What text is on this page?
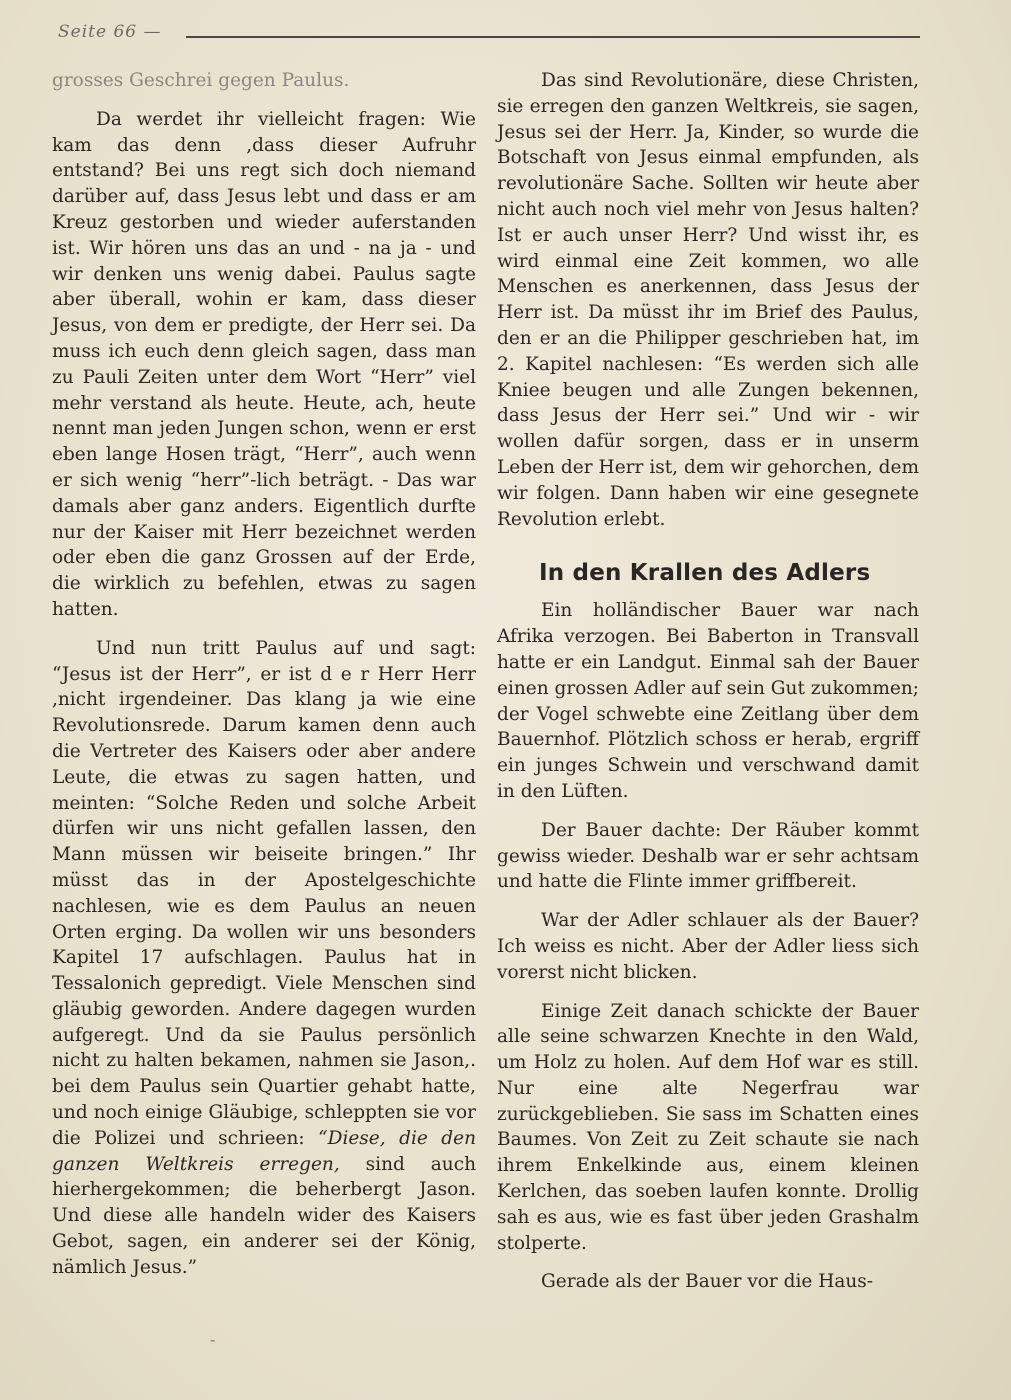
Seite 66 —

grosses Geschrei gegen Paulus.

Da werdet ihr vielleicht fragen: Wie kam das denn ,dass dieser Aufruhr entstand? Bei uns regt sich doch niemand darüber auf, dass Jesus lebt und dass er am Kreuz gestorben und wieder auferstanden ist. Wir hören uns das an und - na ja - und wir denken uns wenig dabei. Paulus sagte aber überall, wohin er kam, dass dieser Jesus, von dem er predigte, der Herr sei. Da muss ich euch denn gleich sagen, dass man zu Pauli Zeiten unter dem Wort “Herr” viel mehr verstand als heute. Heute, ach, heute nennt man jeden Jungen schon, wenn er erst eben lange Hosen trägt, “Herr”, auch wenn er sich wenig “herr”-lich beträgt. - Das war damals aber ganz anders. Eigentlich durfte nur der Kaiser mit Herr bezeichnet werden oder eben die ganz Grossen auf der Erde, die wirklich zu befehlen, etwas zu sagen hatten.

Und nun tritt Paulus auf und sagt: “Jesus ist der Herr”, er ist d e r Herr Herr ,nicht irgendeiner. Das klang ja wie eine Revolutionsrede. Darum kamen denn auch die Vertreter des Kaisers oder aber andere Leute, die etwas zu sagen hatten, und meinten: “Solche Reden und solche Arbeit dürfen wir uns nicht gefallen lassen, den Mann müssen wir beiseite bringen.” Ihr müsst das in der Apostelgeschichte nachlesen, wie es dem Paulus an neuen Orten erging. Da wollen wir uns besonders Kapitel 17 aufschlagen. Paulus hat in Tessalonich gepredigt. Viele Menschen sind gläubig geworden. Andere dagegen wurden aufgeregt. Und da sie Paulus persönlich nicht zu halten bekamen, nahmen sie Jason,. bei dem Paulus sein Quartier gehabt hatte, und noch einige Gläubige, schleppten sie vor die Polizei und schrieen: “Diese, die den ganzen Weltkreis erregen, sind auch hierhergekommen; die beherbergt Jason. Und diese alle handeln wider des Kaisers Gebot, sagen, ein anderer sei der König, nämlich Jesus.”

Das sind Revolutionäre, diese Christen, sie erregen den ganzen Weltkreis, sie sagen, Jesus sei der Herr. Ja, Kinder, so wurde die Botschaft von Jesus einmal empfunden, als revolutionäre Sache. Sollten wir heute aber nicht auch noch viel mehr von Jesus halten? Ist er auch unser Herr? Und wisst ihr, es wird einmal eine Zeit kommen, wo alle Menschen es anerkennen, dass Jesus der Herr ist. Da müsst ihr im Brief des Paulus, den er an die Philipper geschrieben hat, im 2. Kapitel nachlesen: “Es werden sich alle Kniee beugen und alle Zungen bekennen, dass Jesus der Herr sei.” Und wir - wir wollen dafür sorgen, dass er in unserm Leben der Herr ist, dem wir gehorchen, dem wir folgen. Dann haben wir eine gesegnete Revolution erlebt.

In den Krallen des Adlers

Ein holländischer Bauer war nach Afrika verzogen. Bei Baberton in Transvall hatte er ein Landgut. Einmal sah der Bauer einen grossen Adler auf sein Gut zukommen; der Vogel schwebte eine Zeitlang über dem Bauernhof. Plötzlich schoss er herab, ergriff ein junges Schwein und verschwand damit in den Lüften.

Der Bauer dachte: Der Räuber kommt gewiss wieder. Deshalb war er sehr achtsam und hatte die Flinte immer griffbereit.

War der Adler schlauer als der Bauer? Ich weiss es nicht. Aber der Adler liess sich vorerst nicht blicken.

Einige Zeit danach schickte der Bauer alle seine schwarzen Knechte in den Wald, um Holz zu holen. Auf dem Hof war es still. Nur eine alte Negerfrau war zurückgeblieben. Sie sass im Schatten eines Baumes. Von Zeit zu Zeit schaute sie nach ihrem Enkelkinde aus, einem kleinen Kerlchen, das soeben laufen konnte. Drollig sah es aus, wie es fast über jeden Grashalm stolperte.

Gerade als der Bauer vor die Haus-

-
